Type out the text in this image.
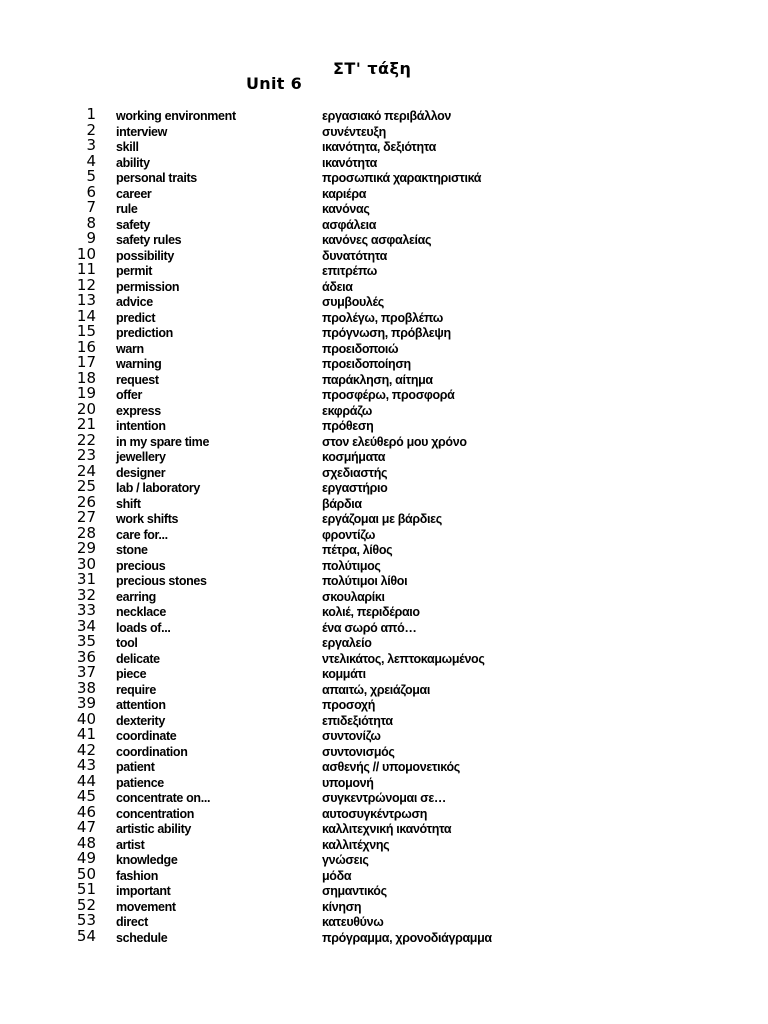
ΣΤ' τάξη
Unit 6
1 working environment	εργασιακό περιβάλλον
2 interview	συνέντευξη
3 skill	ικανότητα, δεξιότητα
4 ability	ικανότητα
5 personal traits	προσωπικά χαρακτηριστικά
6 career	καριέρα
7 rule	κανόνας
8 safety	ασφάλεια
9 safety rules	κανόνες ασφαλείας
10 possibility	δυνατότητα
11 permit	επιτρέπω
12 permission	άδεια
13 advice	συμβουλές
14 predict	προλέγω, προβλέπω
15 prediction	πρόγνωση, πρόβλεψη
16 warn	προειδοποιώ
17 warning	προειδοποίηση
18 request	παράκληση, αίτημα
19 offer	προσφέρω, προσφορά
20 express	εκφράζω
21 intention	πρόθεση
22 in my spare time	στον ελεύθερό μου χρόνο
23 jewellery	κοσμήματα
24 designer	σχεδιαστής
25 lab / laboratory	εργαστήριο
26 shift	βάρδια
27 work shifts	εργάζομαι με βάρδιες
28 care for...	φροντίζω
29 stone	πέτρα, λίθος
30 precious	πολύτιμος
31 precious stones	πολύτιμοι λίθοι
32 earring	σκουλαρίκι
33 necklace	κολιέ, περιδέραιο
34 loads of...	ένα σωρό από…
35 tool	εργαλείο
36 delicate	ντελικάτος, λεπτοκαμωμένος
37 piece	κομμάτι
38 require	απαιτώ, χρειάζομαι
39 attention	προσοχή
40 dexterity	επιδεξιότητα
41 coordinate	συντονίζω
42 coordination	συντονισμός
43 patient	ασθενής // υπομονετικός
44 patience	υπομονή
45 concentrate on...	συγκεντρώνομαι σε…
46 concentration	αυτοσυγκέντρωση
47 artistic ability	καλλιτεχνική ικανότητα
48 artist	καλλιτέχνης
49 knowledge	γνώσεις
50 fashion	μόδα
51 important	σημαντικός
52 movement	κίνηση
53 direct	κατευθύνω
54 schedule	πρόγραμμα, χρονοδιάγραμμα
